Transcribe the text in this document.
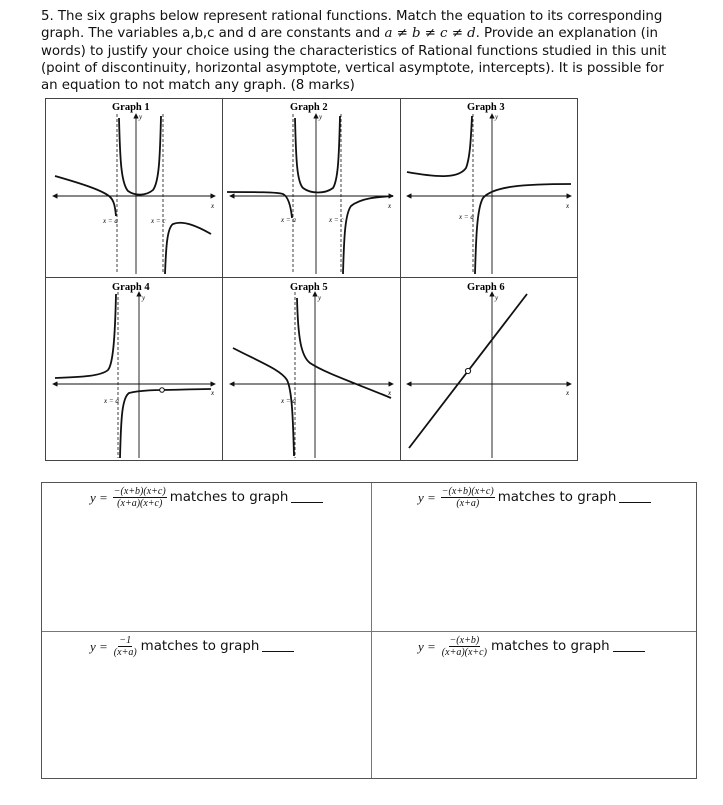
5. The six graphs below represent rational functions. Match the equation to its corresponding
graph. The variables a,b,c and d are constants and a ≠ b ≠ c ≠ d. Provide an explanation (in
words) to justify your choice using the characteristics of Rational functions studied in this unit
(point of discontinuity, horizontal asymptote, vertical asymptote, intercepts). It is possible for
an equation to not match any graph. (8 marks)
Graph 1
y
x
x = a	x = c
Graph 2
y
x
x = a	x = c
Graph 3
y
x
x = a
Graph 4
y
x
x = a
Graph 5
y
x
x = a
Graph 6
y
x
$y = \frac{-(x+b)(x+c)}{(x+a)(x+c)}$ matches to graph	$y = \frac{-(x+b)(x+c)}{(x+a)}$ matches to graph
$y = \frac{-1}{(x+a)}$ matches to graph	$y = \frac{-(x+b)}{(x+a)(x+c)}$ matches to graph
